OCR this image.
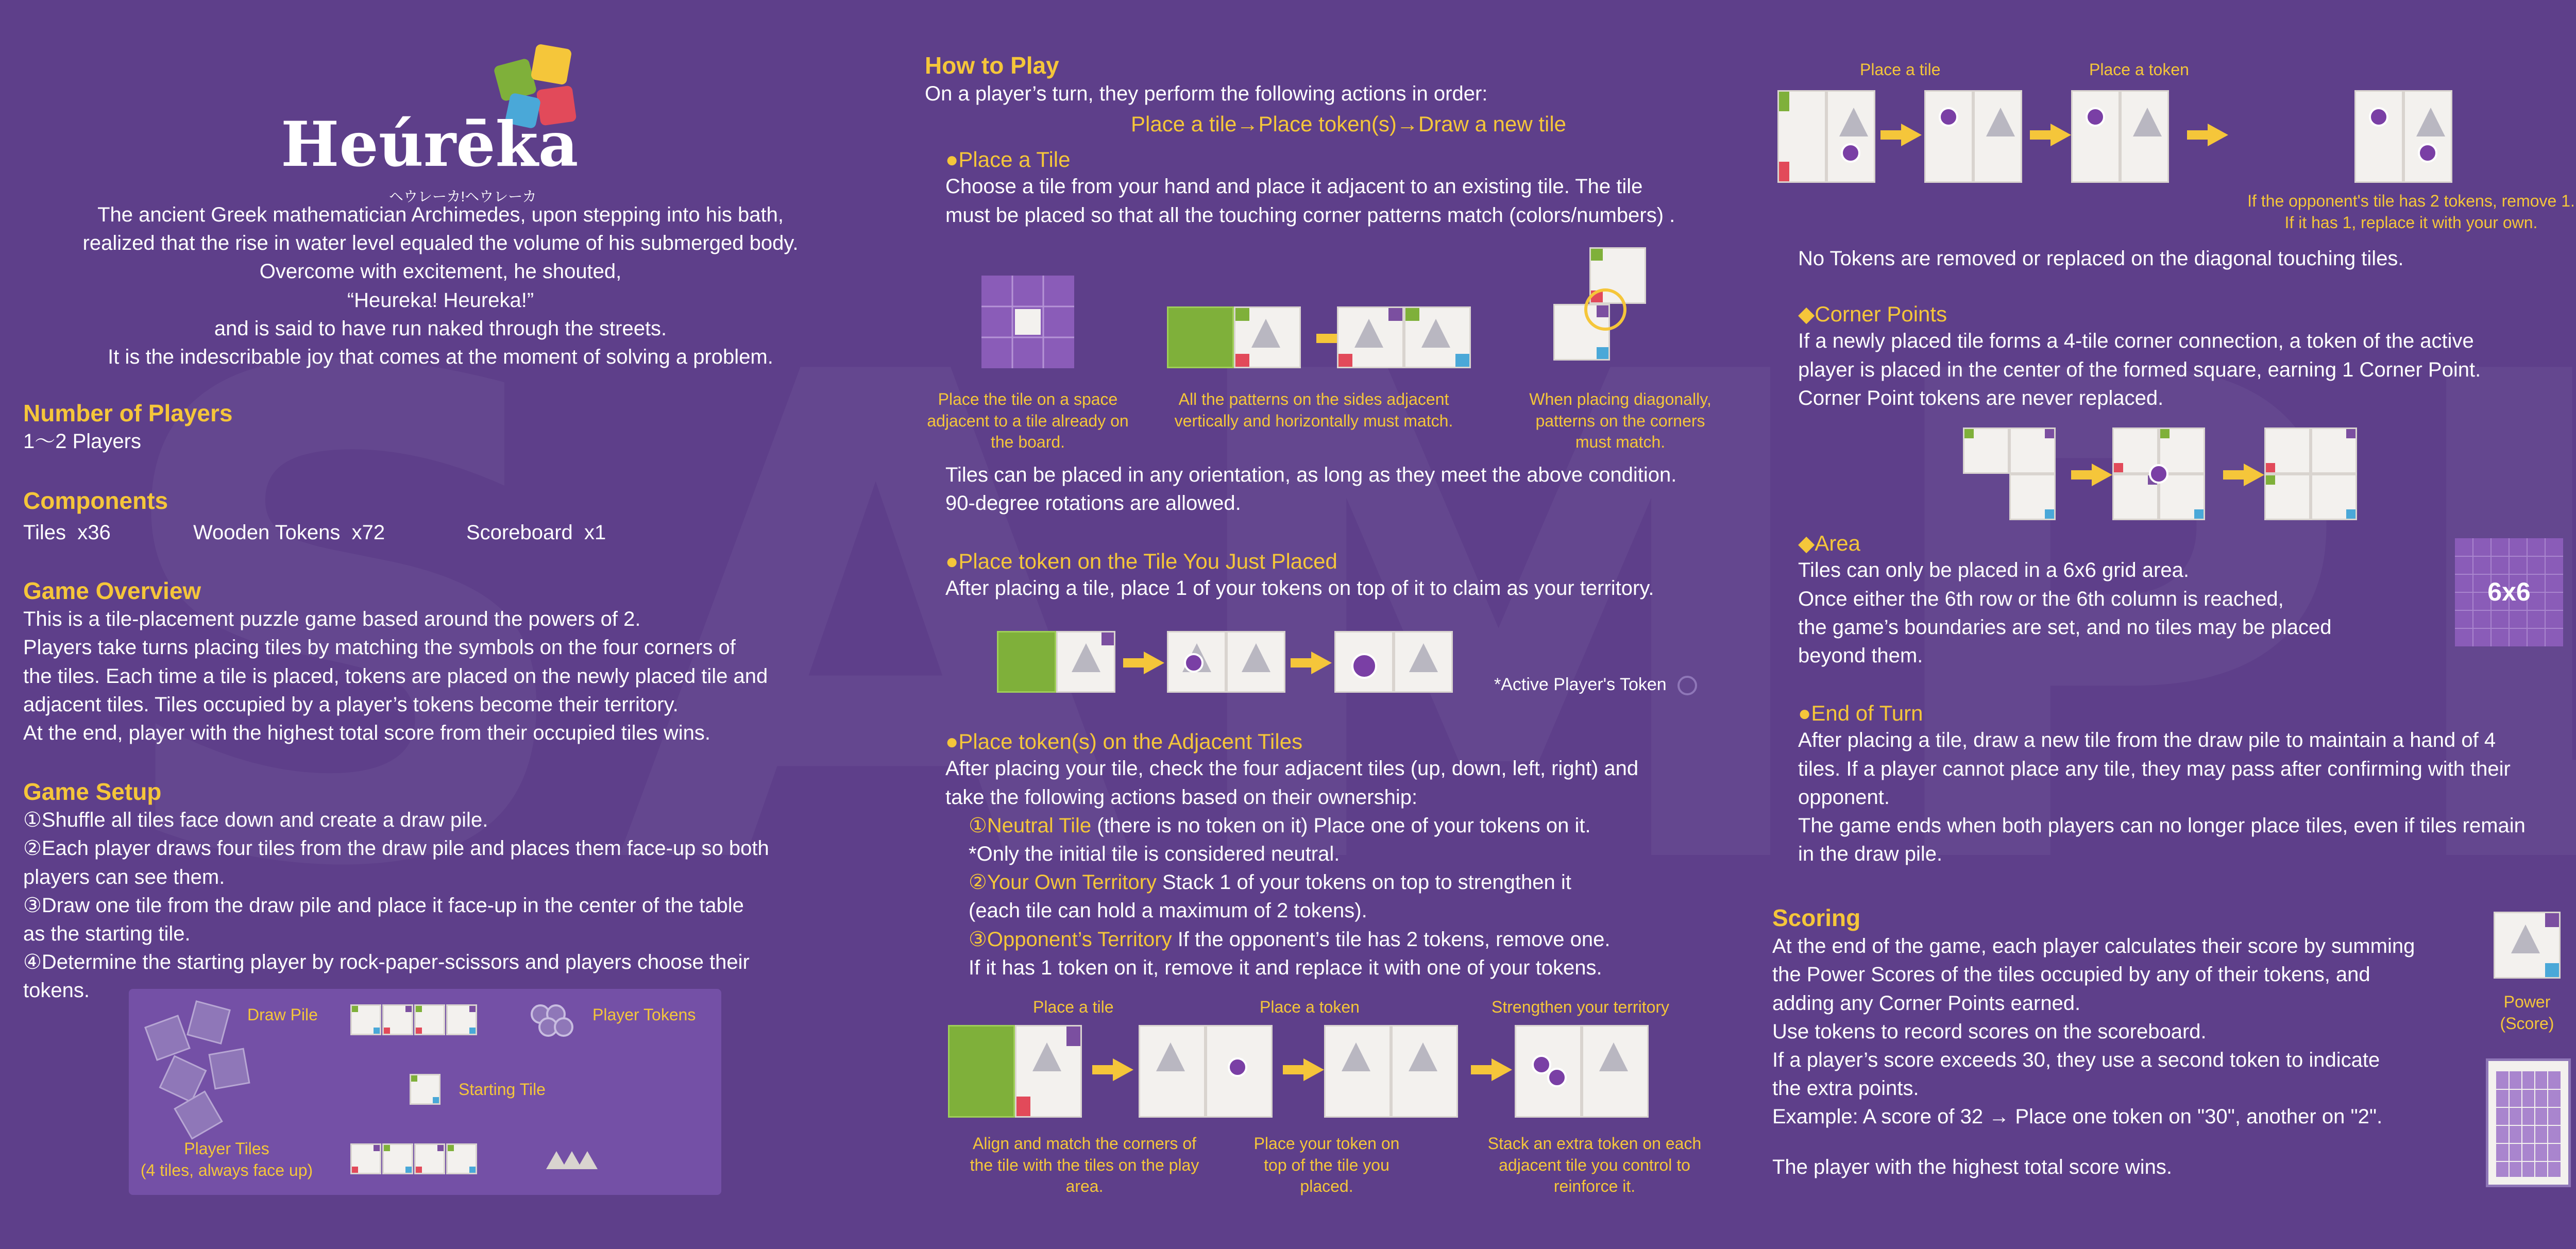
Heúrēka
ヘウレーカ!ヘウレーカ
The ancient Greek mathematician Archimedes, upon stepping into his bath,
realized that the rise in water level equaled the volume of his submerged body.
Overcome with excitement, he shouted,
“Heureka! Heureka!”
and is said to have run naked through the streets.
It is the indescribable joy that comes at the moment of solving a problem.
Number of Players
1～2 Players
Components
Tiles  x36	Wooden Tokens  x72	Scoreboard  x1
Game Overview
This is a tile-placement puzzle game based around the powers of 2.
Players take turns placing tiles by matching the symbols on the four corners of
the tiles. Each time a tile is placed, tokens are placed on the newly placed tile and
adjacent tiles. Tiles occupied by a player’s tokens become their territory.
At the end, player with the highest total score from their occupied tiles wins.
Game Setup
①Shuffle all tiles face down and create a draw pile.
②Each player draws four tiles from the draw pile and places them face-up so both
players can see them.
③Draw one tile from the draw pile and place it face-up in the center of the table
as the starting tile.
④Determine the starting player by rock-paper-scissors and players choose their
tokens.
Draw Pile	Player Tokens
Starting Tile
Player Tiles
(4 tiles, always face up)
How to Play
On a player’s turn, they perform the following actions in order:
Place a tile→Place token(s)→Draw a new tile
●Place a Tile
Choose a tile from your hand and place it adjacent to an existing tile. The tile
must be placed so that all the touching corner patterns match (colors/numbers) .
Place the tile on a space adjacent to a tile already on the board.
All the patterns on the sides adjacent vertically and horizontally must match.
When placing diagonally, patterns on the corners must match.
Tiles can be placed in any orientation, as long as they meet the above condition.
90-degree rotations are allowed.
●Place token on the Tile You Just Placed
After placing a tile, place 1 of your tokens on top of it to claim as your territory.
*Active Player's Token
●Place token(s) on the Adjacent Tiles
After placing your tile, check the four adjacent tiles (up, down, left, right) and
take the following actions based on their ownership:
①Neutral Tile (there is no token on it) Place one of your tokens on it.
*Only the initial tile is considered neutral.
②Your Own Territory Stack 1 of your tokens on top to strengthen it
(each tile can hold a maximum of 2 tokens).
③Opponent’s Territory If the opponent’s tile has 2 tokens, remove one.
If it has 1 token on it, remove it and replace it with one of your tokens.
Place a tile	Place a token	Strengthen your territory
Align and match the corners of the tile with the tiles on the play area.
Place your token on top of the tile you placed.
Stack an extra token on each adjacent tile you control to reinforce it.
Place a tile	Place a token
If the opponent's tile has 2 tokens, remove 1.
If it has 1, replace it with your own.
No Tokens are removed or replaced on the diagonal touching tiles.
◆Corner Points
If a newly placed tile forms a 4-tile corner connection, a token of the active
player is placed in the center of the formed square, earning 1 Corner Point.
Corner Point tokens are never replaced.
◆Area
Tiles can only be placed in a 6x6 grid area.
Once either the 6th row or the 6th column is reached,
the game’s boundaries are set, and no tiles may be placed
beyond them.
6x6
●End of Turn
After placing a tile, draw a new tile from the draw pile to maintain a hand of 4
tiles. If a player cannot place any tile, they may pass after confirming with their
opponent.
The game ends when both players can no longer place tiles, even if tiles remain
in the draw pile.
Scoring
At the end of the game, each player calculates their score by summing
the Power Scores of the tiles occupied by any of their tokens, and
adding any Corner Points earned.
Use tokens to record scores on the scoreboard.
If a player’s score exceeds 30, they use a second token to indicate
the extra points.
Example: A score of 32 → Place one token on "30", another on "2".
The player with the highest total score wins.
Power
(Score)
